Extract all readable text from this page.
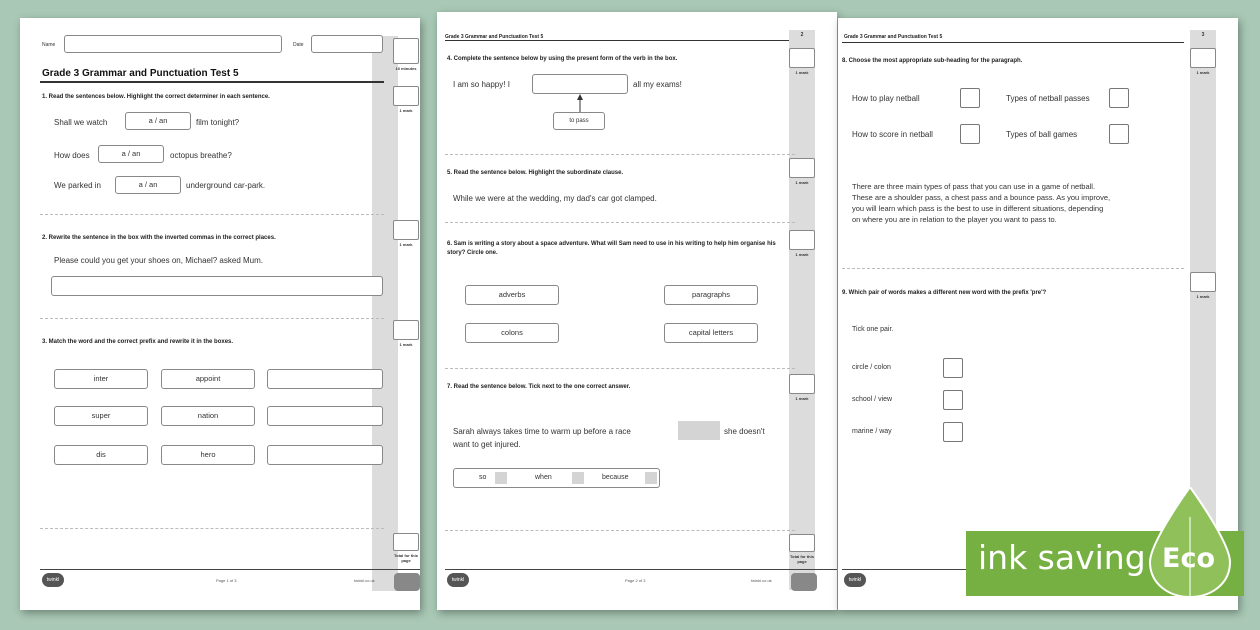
Name	Date
10 minutes
Grade 3 Grammar and Punctuation Test 5
1. Read the sentences below. Highlight the correct determiner in each sentence.
1 mark
Shall we watch	a / an	film tonight?
How does	a / an	octopus breathe?
We parked in	a / an	underground car-park.
2. Rewrite the sentence in the box with the inverted commas in the correct places.
1 mark
Please could you get your shoes on, Michael? asked Mum.
3. Match the word and the correct prefix and rewrite it in the boxes.	1 mark
inter	appoint
super	nation
dis	hero
Total for this page
twinkl	Page 1 of 3	twinkl.co.uk
Grade 3 Grammar and Punctuation Test 5	2
4. Complete the sentence below by using the present form of the verb in the box.
1 mark
I am so happy! I	all my exams!
to pass
5. Read the sentence below. Highlight the subordinate clause.
1 mark
While we were at the wedding, my dad's car got clamped.
6. Sam is writing a story about a space adventure. What will Sam need to use in his writing to help him organise his story? Circle one.	1 mark
adverbs	paragraphs
colons	capital letters
7. Read the sentence below. Tick next to the one correct answer.
1 mark
Sarah always takes time to warm up before a race	she doesn't
want to get injured.
so	when	because
Total for this page
twinkl	Page 2 of 3	twinkl.co.uk
Grade 3 Grammar and Punctuation Test 5	3
8. Choose the most appropriate sub-heading for the paragraph.
1 mark
How to play netball	Types of netball passes
How to score in netball	Types of ball games
There are three main types of pass that you can use in a game of netball.
These are a shoulder pass, a chest pass and a bounce pass. As you improve,
you will learn which pass is the best to use in different situations, depending
on where you are in relation to the player you want to pass to.
9. Which pair of words makes a different new word with the prefix 'pre'?
1 mark
Tick one pair.
circle / colon
school / view
marine / way
twinkl
ink saving Eco
